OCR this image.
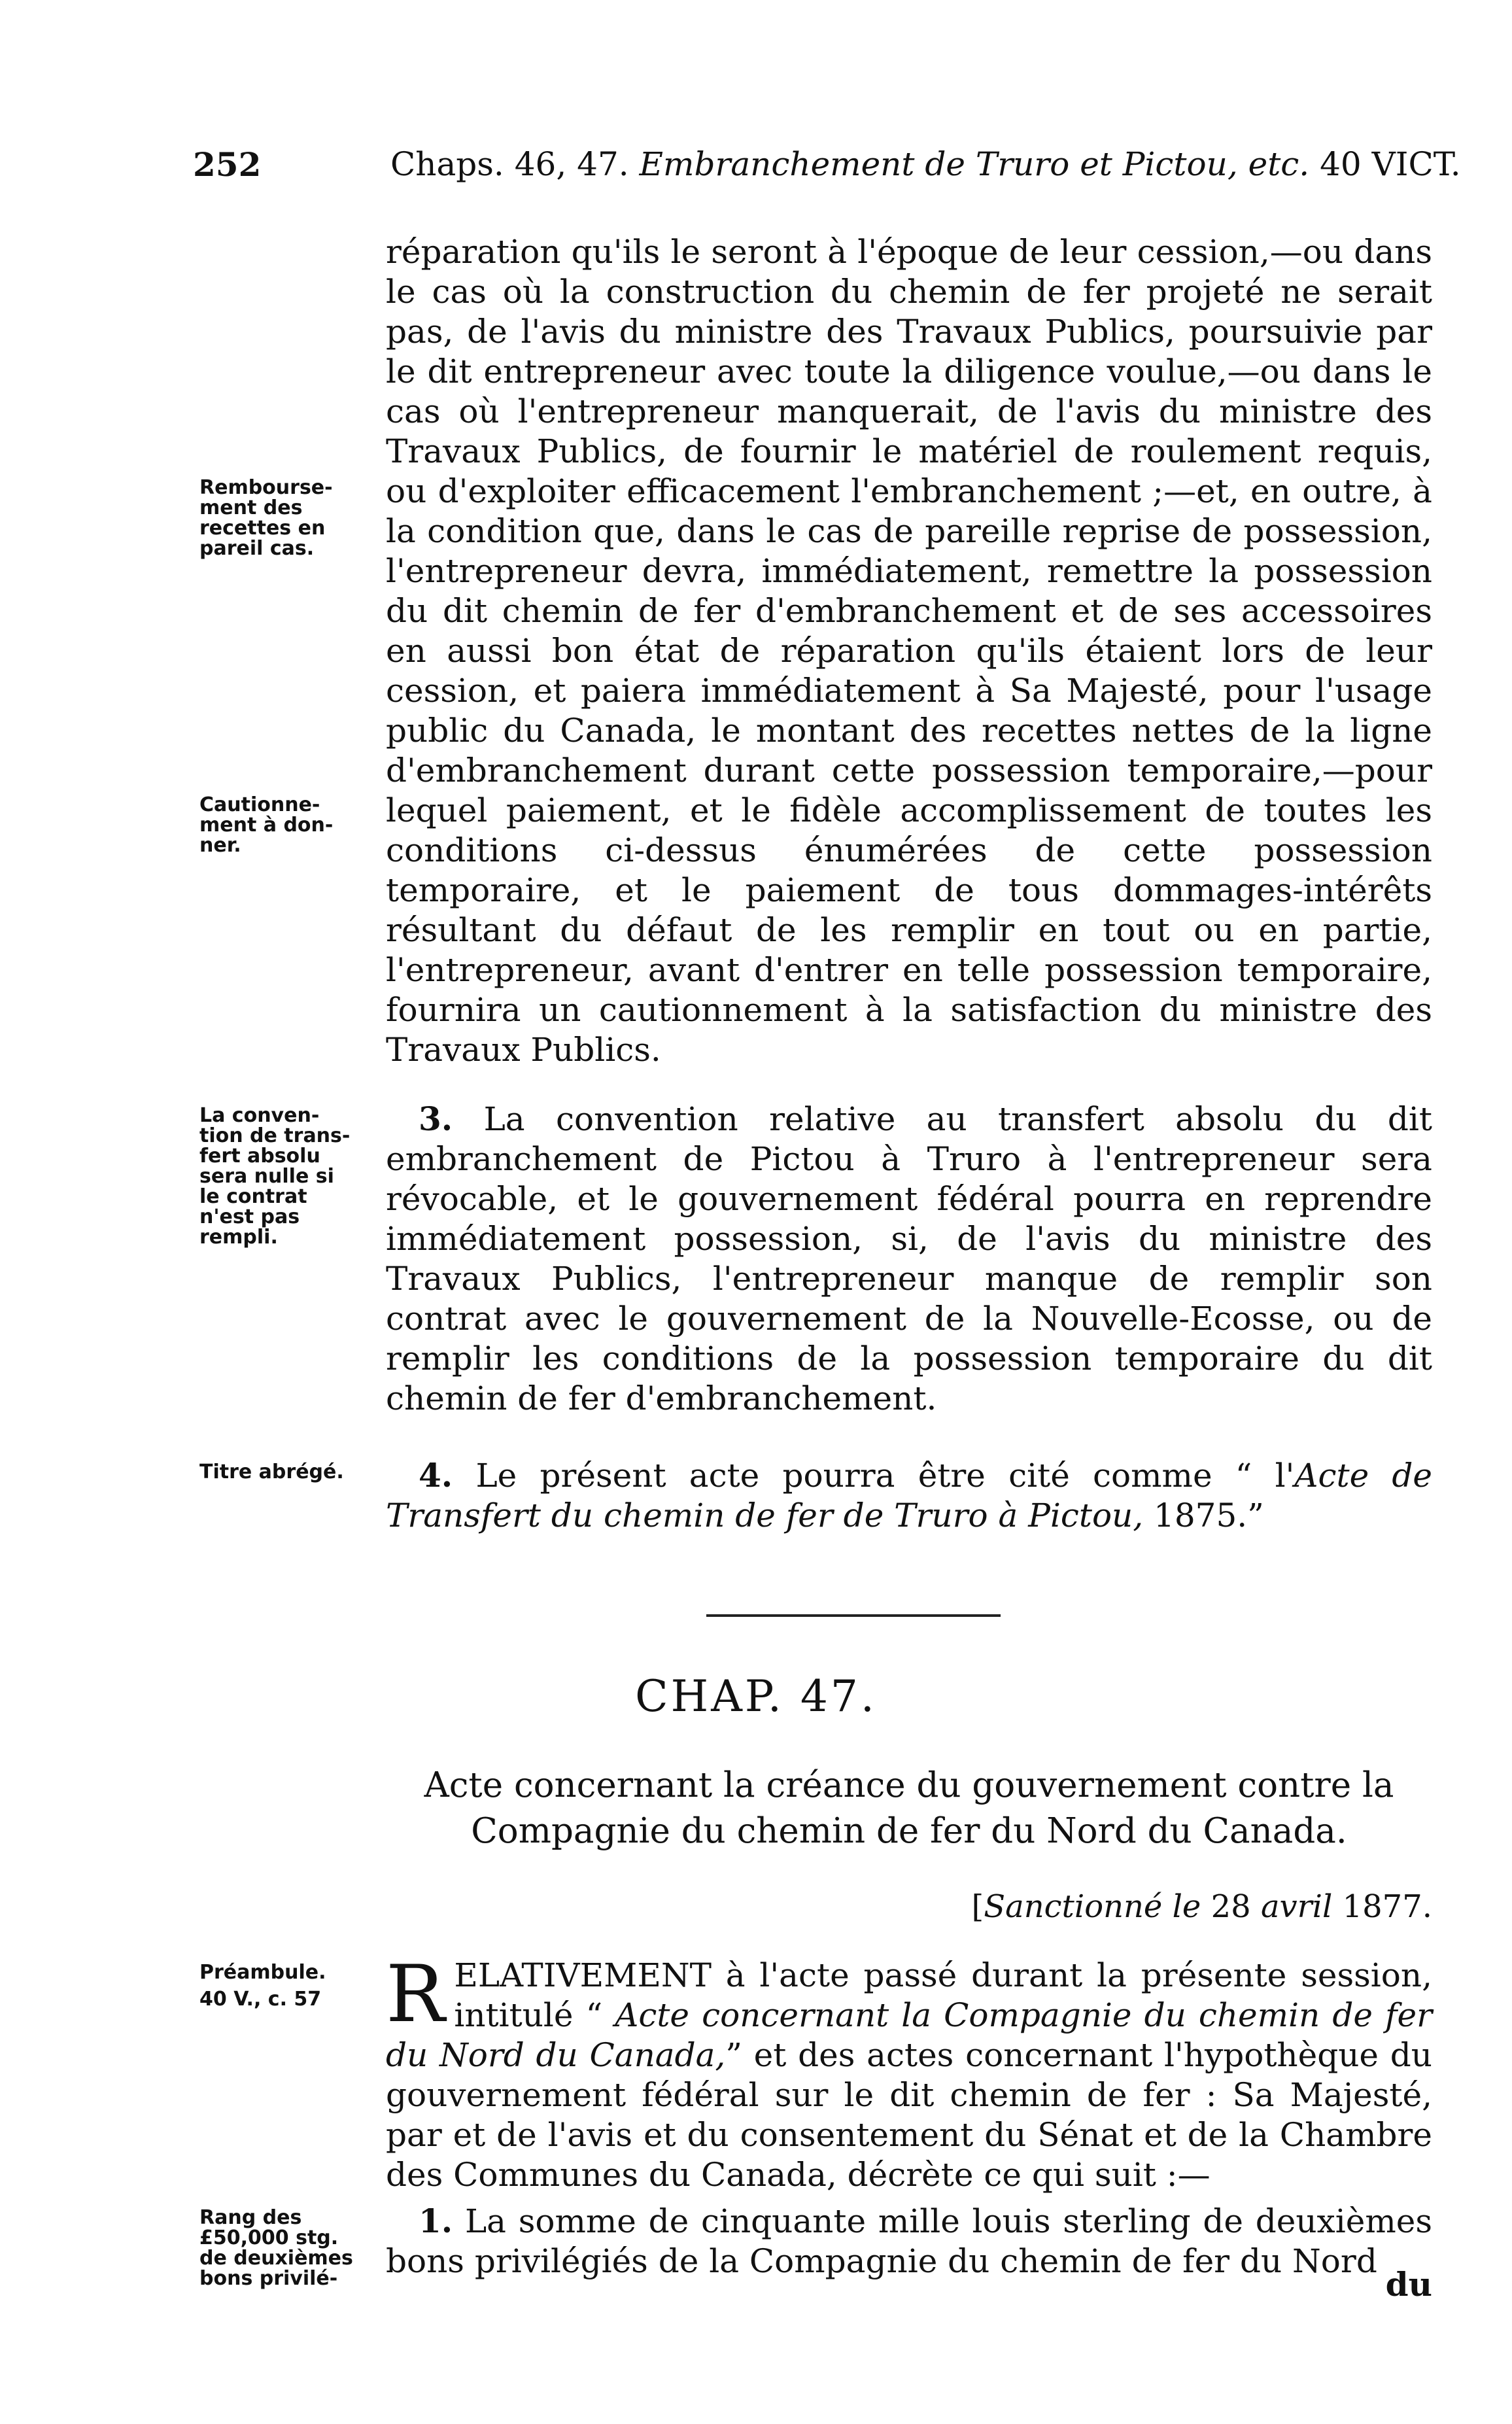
252	Chaps. 46, 47. Embranchement de Truro et Pictou, etc. 40 VICT.

réparation qu'ils le seront à l'époque de leur cession,—ou dans le cas où la construction du chemin de fer projeté ne serait pas, de l'avis du ministre des Travaux Publics, poursuivie par le dit entrepreneur avec toute la diligence voulue,—ou dans le cas où l'entrepreneur manquerait, de l'avis du ministre des Travaux Publics, de fournir le matériel de roulement requis, ou d'exploiter efficacement l'embranchement ;—et, en outre, à la condition que, dans le cas de pareille reprise de possession, l'entrepreneur devra, immédiatement, remettre la possession du dit chemin de fer d'embranchement et de ses accessoires en aussi bon état de réparation qu'ils étaient lors de leur cession, et paiera immédiatement à Sa Majesté, pour l'usage public du Canada, le montant des recettes nettes de la ligne d'embranchement durant cette possession temporaire,—pour lequel paiement, et le fidèle accomplissement de toutes les conditions ci-dessus énumérées de cette possession temporaire, et le paiement de tous dommages-intérêts résultant du défaut de les remplir en tout ou en partie, l'entrepreneur, avant d'entrer en telle possession temporaire, fournira un cautionnement à la satisfaction du ministre des Travaux Publics.

Rembourse-
ment des
recettes en
pareil cas.
Cautionne-
ment à don-
ner.
La conven-
tion de trans-
fert absolu
sera nulle si
le contrat
n'est pas
rempli.
Titre abrégé.
Préambule.
40 V., c. 57
Rang des
£50,000 stg.
de deuxièmes
bons privilé-

3. La convention relative au transfert absolu du dit embranchement de Pictou à Truro à l'entrepreneur sera révocable, et le gouvernement fédéral pourra en reprendre immédiatement possession, si, de l'avis du ministre des Travaux Publics, l'entrepreneur manque de remplir son contrat avec le gouvernement de la Nouvelle-Ecosse, ou de remplir les conditions de la possession temporaire du dit chemin de fer d'embranchement.

4. Le présent acte pourra être cité comme “ l'Acte de Transfert du chemin de fer de Truro à Pictou, 1875.”

CHAP. 47.
Acte concernant la créance du gouvernement contre la Compagnie du chemin de fer du Nord du Canada.
[Sanctionné le 28 avril 1877.

RELATIVEMENT à l'acte passé durant la présente session, intitulé “ Acte concernant la Compagnie du chemin de fer du Nord du Canada,” et des actes concernant l'hypothèque du gouvernement fédéral sur le dit chemin de fer : Sa Majesté, par et de l'avis et du consentement du Sénat et de la Chambre des Communes du Canada, décrète ce qui suit :—

1. La somme de cinquante mille louis sterling de deuxièmes bons privilégiés de la Compagnie du chemin de fer du Nord

du
